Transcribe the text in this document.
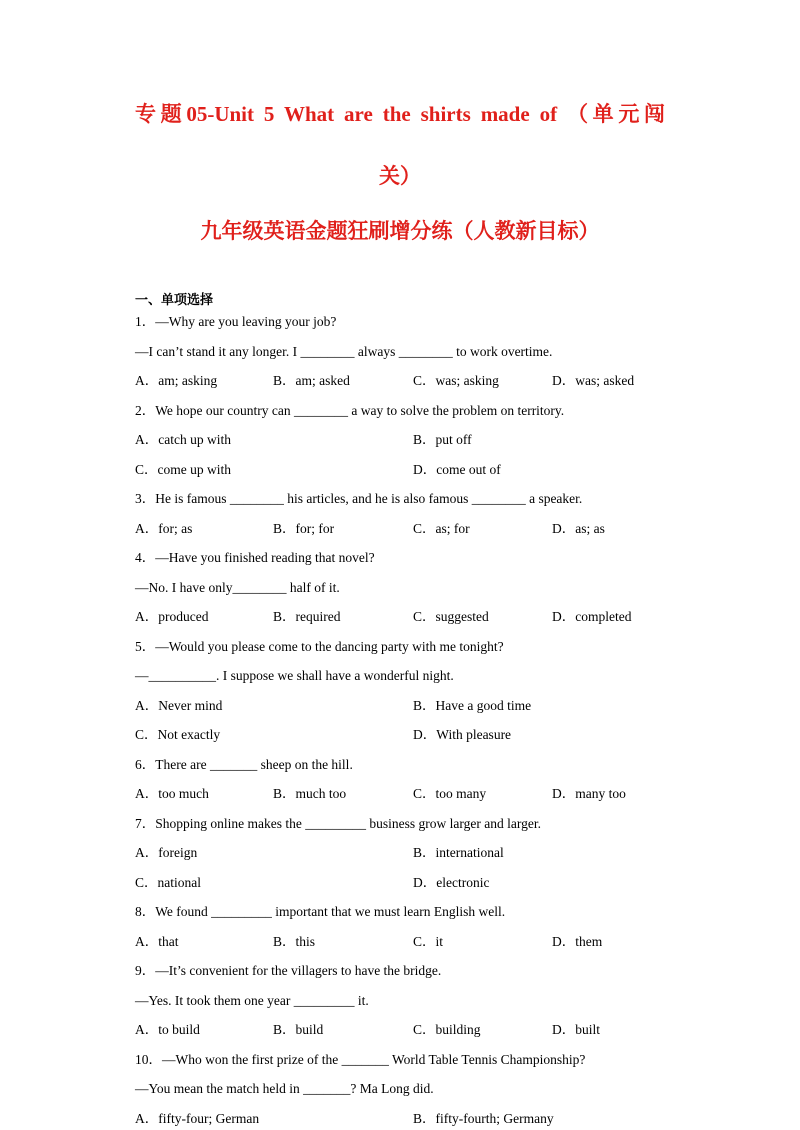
专题05-Unit 5 What are the shirts made of （单元闯
关）
九年级英语金题狂刷增分练（人教新目标）
一、单项选择
1．—Why are you leaving your job?
—I can’t stand it any longer. I ________ always ________ to work overtime.
A．am; asking	B．am; asked	C．was; asking	D．was; asked
2．We hope our country can ________ a way to solve the problem on territory.
A．catch up with	B．put off
C．come up with	D．come out of
3．He is famous ________ his articles, and he is also famous ________ a speaker.
A．for; as	B．for; for	C．as; for	D．as; as
4．—Have you finished reading that novel?
—No. I have only________ half of it.
A．produced	B．required	C．suggested	D．completed
5．—Would you please come to the dancing party with me tonight?
—__________. I suppose we shall have a wonderful night.
A．Never mind	B．Have a good time
C．Not exactly	D．With pleasure
6．There are _______ sheep on the hill.
A．too much	B．much too	C．too many	D．many too
7．Shopping online makes the _________ business grow larger and larger.
A．foreign	B．international
C．national	D．electronic
8．We found _________ important that we must learn English well.
A．that	B．this	C．it	D．them
9．—It’s convenient for the villagers to have the bridge.
—Yes. It took them one year _________ it.
A．to build	B．build	C．building	D．built
10．—Who won the first prize of the _______ World Table Tennis Championship?
—You mean the match held in _______? Ma Long did.
A．fifty-four; German	B．fifty-fourth; Germany
